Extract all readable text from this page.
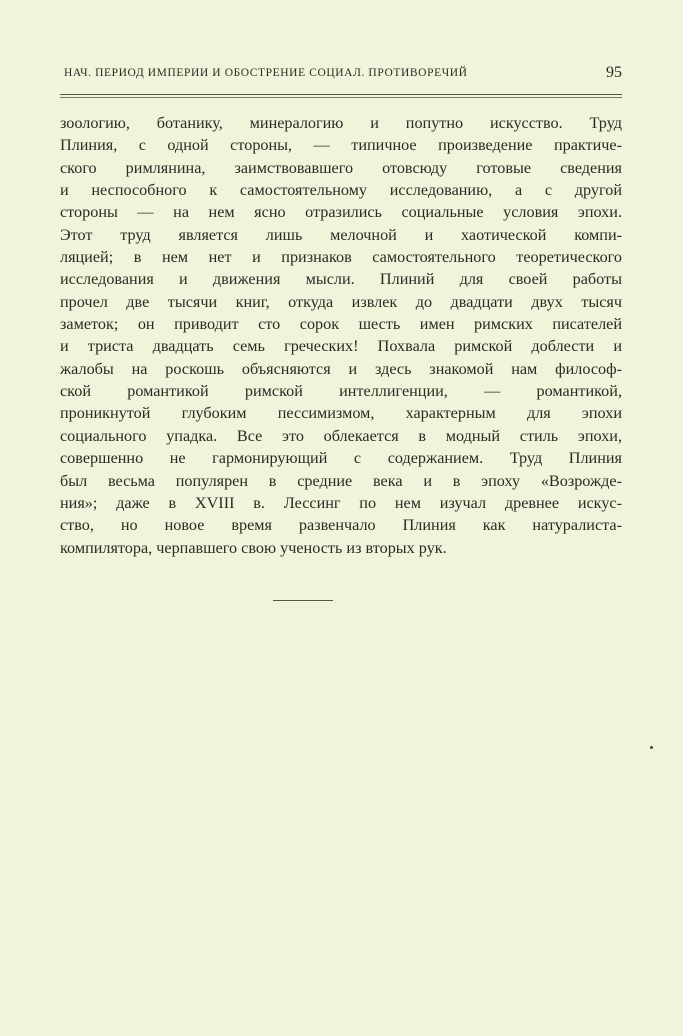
НАЧ. ПЕРИОД ИМПЕРИИ И ОБОСТРЕНИЕ СОЦИАЛ. ПРОТИВОРЕЧИЙ	95
зоологию, ботанику, минералогию и попутно искусство. Труд
Плиния, с одной стороны, — типичное произведение практиче-
ского римлянина, заимствовавшего отовсюду готовые сведения
и неспособного к самостоятельному исследованию, а с другой
стороны — на нем ясно отразились социальные условия эпохи.
Этот труд является лишь мелочной и хаотической компи-
ляцией; в нем нет и признаков самостоятельного теоретического
исследования и движения мысли. Плиний для своей работы
прочел две тысячи книг, откуда извлек до двадцати двух тысяч
заметок; он приводит сто сорок шесть имен римских писателей
и триста двадцать семь греческих! Похвала римской доблести и
жалобы на роскошь объясняются и здесь знакомой нам философ-
ской романтикой римской интеллигенции, — романтикой,
проникнутой глубоким пессимизмом, характерным для эпохи
социального упадка. Все это облекается в модный стиль эпохи,
совершенно не гармонирующий с содержанием. Труд Плиния
был весьма популярен в средние века и в эпоху «Возрожде-
ния»; даже в XVIII в. Лессинг по нем изучал древнее искус-
ство, но новое время развенчало Плиния как натуралиста-
компилятора, черпавшего свою ученость из вторых рук.
